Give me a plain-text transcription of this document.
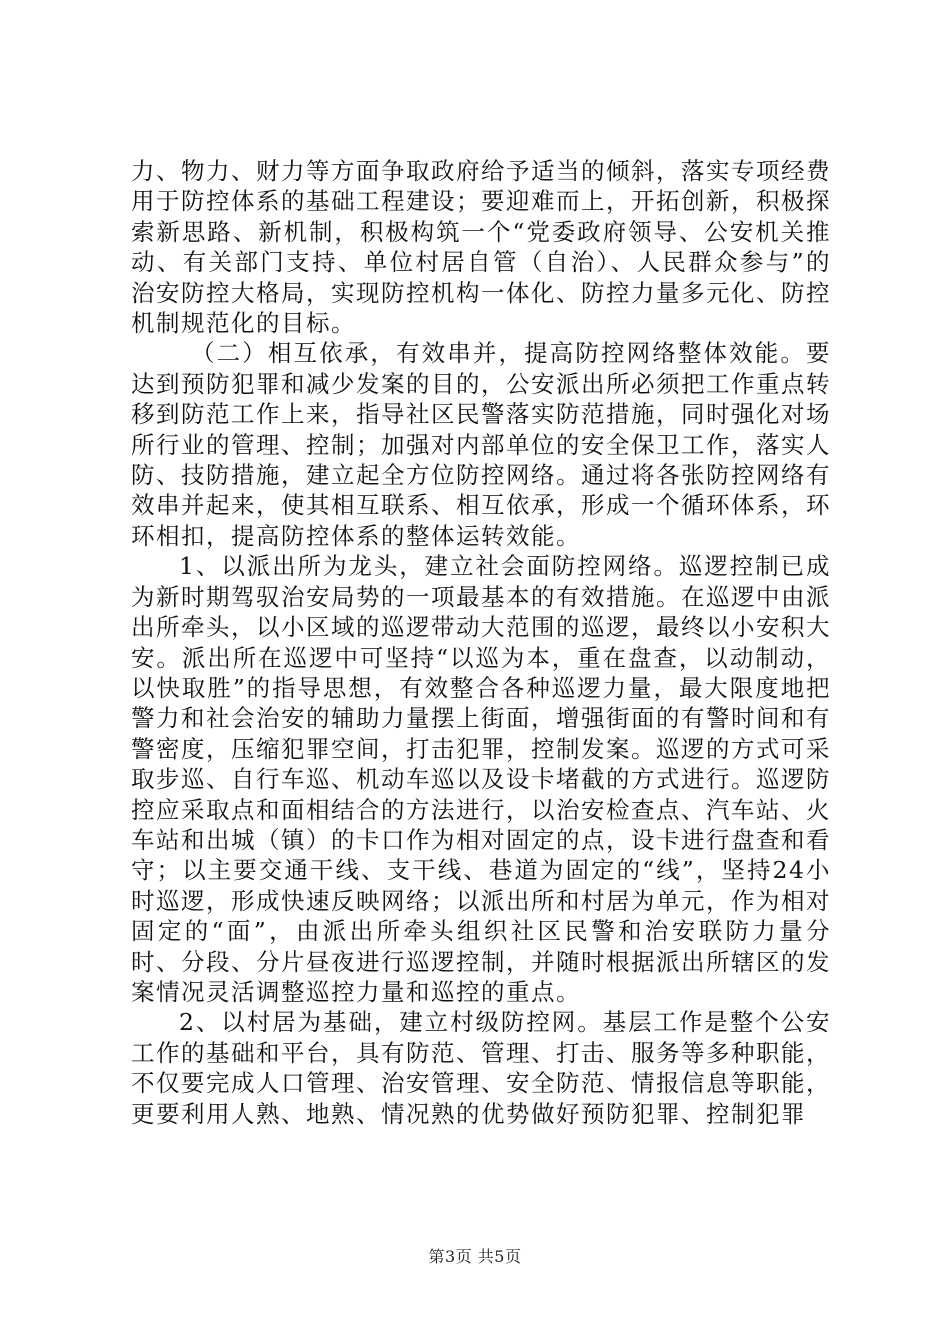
力、物力、财力等方面争取政府给予适当的倾斜，落实专项经费用于防控体系的基础工程建设；要迎难而上，开拓创新，积极探索新思路、新机制，积极构筑一个“党委政府领导、公安机关推动、有关部门支持、单位村居自管（自治）、人民群众参与”的治安防控大格局，实现防控机构一体化、防控力量多元化、防控机制规范化的目标。

（二）相互依承，有效串并，提高防控网络整体效能。要达到预防犯罪和减少发案的目的，公安派出所必须把工作重点转移到防范工作上来，指导社区民警落实防范措施，同时强化对场所行业的管理、控制；加强对内部单位的安全保卫工作，落实人防、技防措施，建立起全方位防控网络。通过将各张防控网络有效串并起来，使其相互联系、相互依承，形成一个循环体系，环环相扣，提高防控体系的整体运转效能。

1、以派出所为龙头，建立社会面防控网络。巡逻控制已成为新时期驾驭治安局势的一项最基本的有效措施。在巡逻中由派出所牵头，以小区域的巡逻带动大范围的巡逻，最终以小安积大安。派出所在巡逻中可坚持“以巡为本，重在盘查，以动制动，以快取胜”的指导思想，有效整合各种巡逻力量，最大限度地把警力和社会治安的辅助力量摆上街面，增强街面的有警时间和有警密度，压缩犯罪空间，打击犯罪，控制发案。巡逻的方式可采取步巡、自行车巡、机动车巡以及设卡堵截的方式进行。巡逻防控应采取点和面相结合的方法进行，以治安检查点、汽车站、火车站和出城（镇）的卡口作为相对固定的点，设卡进行盘查和看守；以主要交通干线、支干线、巷道为固定的“线”，坚持24小时巡逻，形成快速反映网络；以派出所和村居为单元，作为相对固定的“面”，由派出所牵头组织社区民警和治安联防力量分时、分段、分片昼夜进行巡逻控制，并随时根据派出所辖区的发案情况灵活调整巡控力量和巡控的重点。

2、以村居为基础，建立村级防控网。基层工作是整个公安工作的基础和平台，具有防范、管理、打击、服务等多种职能，不仅要完成人口管理、治安管理、安全防范、情报信息等职能，更要利用人熟、地熟、情况熟的优势做好预防犯罪、控制犯罪

第3页 共5页
